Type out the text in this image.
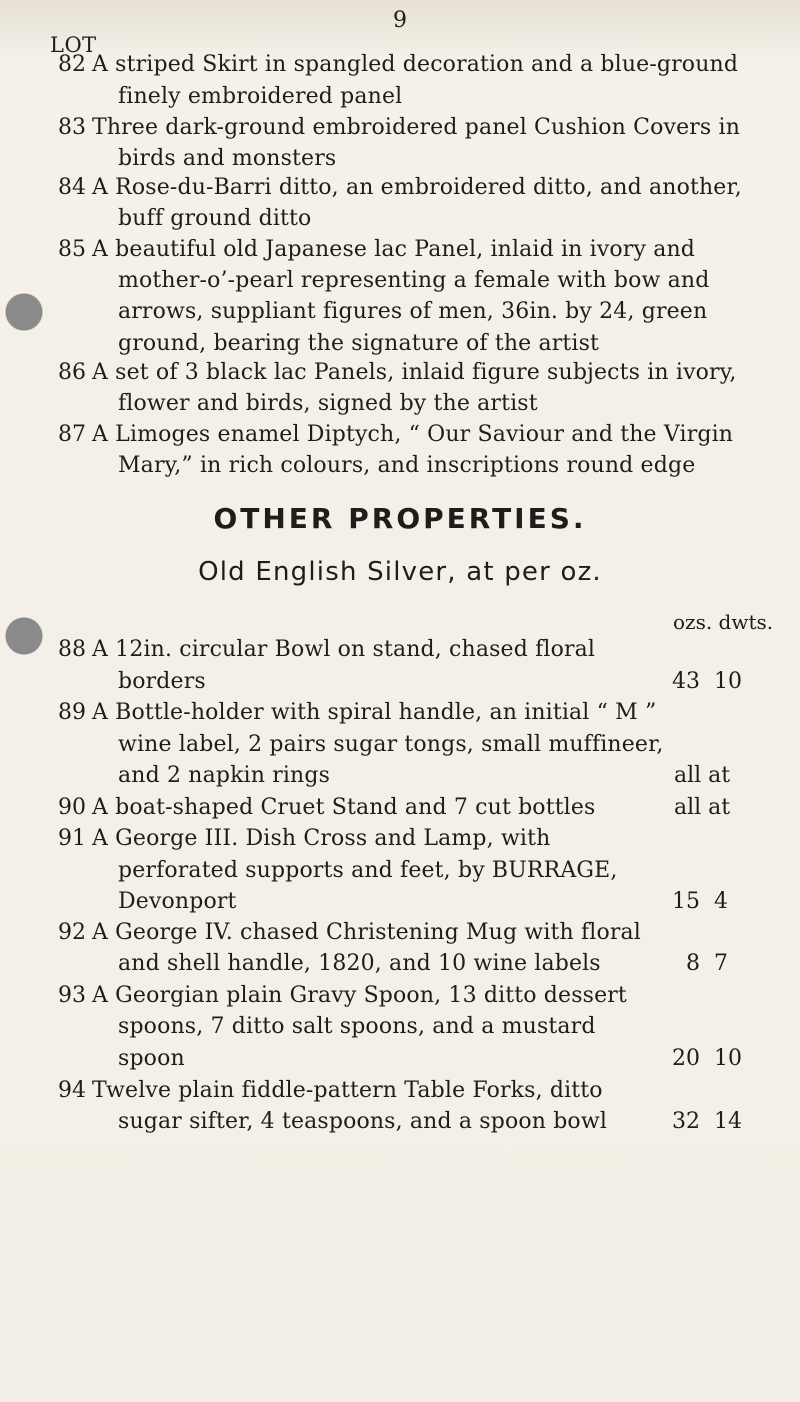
9
LOT
82 A striped Skirt in spangled decoration and a blue-ground
finely embroidered panel
83 Three dark-ground embroidered panel Cushion Covers in
birds and monsters
84 A Rose-du-Barri ditto, an embroidered ditto, and another,
buff ground ditto
85 A beautiful old Japanese lac Panel, inlaid in ivory and
mother-o’-pearl representing a female with bow and
arrows, suppliant figures of men, 36in. by 24, green
ground, bearing the signature of the artist
86 A set of 3 black lac Panels, inlaid figure subjects in ivory,
flower and birds, signed by the artist
87 A Limoges enamel Diptych, “ Our Saviour and the Virgin
Mary,” in rich colours, and inscriptions round edge
OTHER PROPERTIES.
Old English Silver, at per oz.
ozs. dwts.
88 A 12in. circular Bowl on stand, chased floral
borders	43 10
89 A Bottle-holder with spiral handle, an initial “ M ”
wine label, 2 pairs sugar tongs, small muffineer,
and 2 napkin rings	all at
90 A boat-shaped Cruet Stand and 7 cut bottles	all at
91 A George III. Dish Cross and Lamp, with
perforated supports and feet, by BURRAGE,
Devonport	15 4
92 A George IV. chased Christening Mug with floral
and shell handle, 1820, and 10 wine labels	8 7
93 A Georgian plain Gravy Spoon, 13 ditto dessert
spoons, 7 ditto salt spoons, and a mustard
spoon	20 10
94 Twelve plain fiddle-pattern Table Forks, ditto
sugar sifter, 4 teaspoons, and a spoon bowl	32 14
